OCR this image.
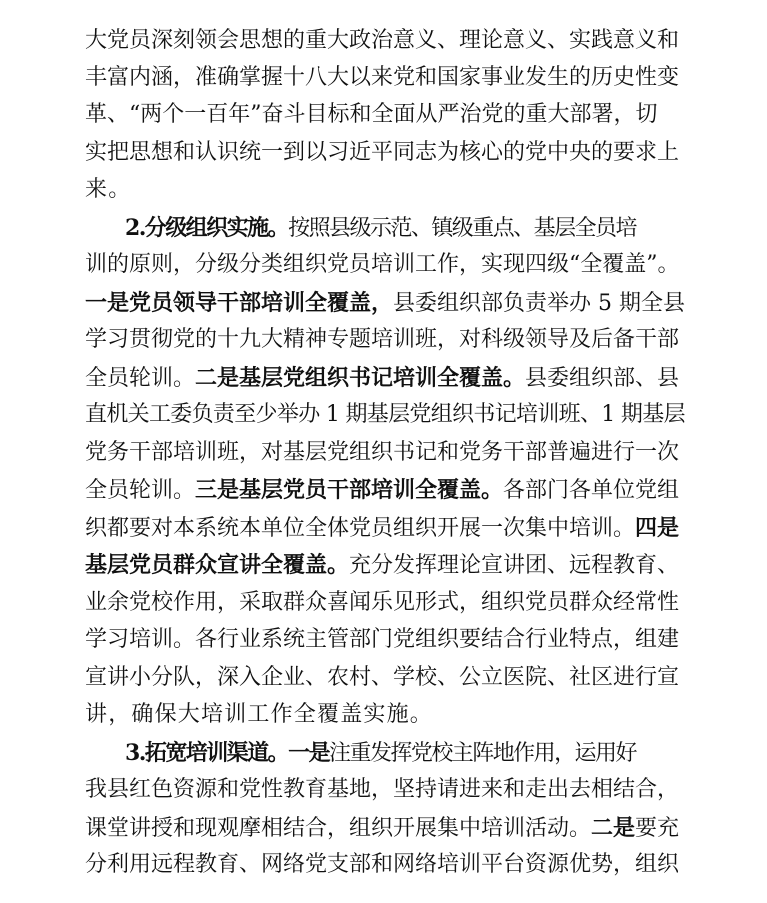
大党员深刻领会思想的重大政治意义、理论意义、实践意义和
丰富内涵，准确掌握十八大以来党和国家事业发生的历史性变
革、“两个一百年”奋斗目标和全面从严治党的重大部署，切
实把思想和认识统一到以习近平同志为核心的党中央的要求上
来。
2.分级组织实施。按照县级示范、镇级重点、基层全员培
训的原则，分级分类组织党员培训工作，实现四级“全覆盖”。
一是党员领导干部培训全覆盖，县委组织部负责举办 5 期全县
学习贯彻党的十九大精神专题培训班，对科级领导及后备干部
全员轮训。二是基层党组织书记培训全覆盖。县委组织部、县
直机关工委负责至少举办 1 期基层党组织书记培训班、1 期基层
党务干部培训班，对基层党组织书记和党务干部普遍进行一次
全员轮训。三是基层党员干部培训全覆盖。各部门各单位党组
织都要对本系统本单位全体党员组织开展一次集中培训。四是
基层党员群众宣讲全覆盖。充分发挥理论宣讲团、远程教育、
业余党校作用，采取群众喜闻乐见形式，组织党员群众经常性
学习培训。各行业系统主管部门党组织要结合行业特点，组建
宣讲小分队，深入企业、农村、学校、公立医院、社区进行宣
讲，确保大培训工作全覆盖实施。
3.拓宽培训渠道。一是注重发挥党校主阵地作用，运用好
我县红色资源和党性教育基地，坚持请进来和走出去相结合，
课堂讲授和现观摩相结合，组织开展集中培训活动。二是要充
分利用远程教育、网络党支部和网络培训平台资源优势，组织
